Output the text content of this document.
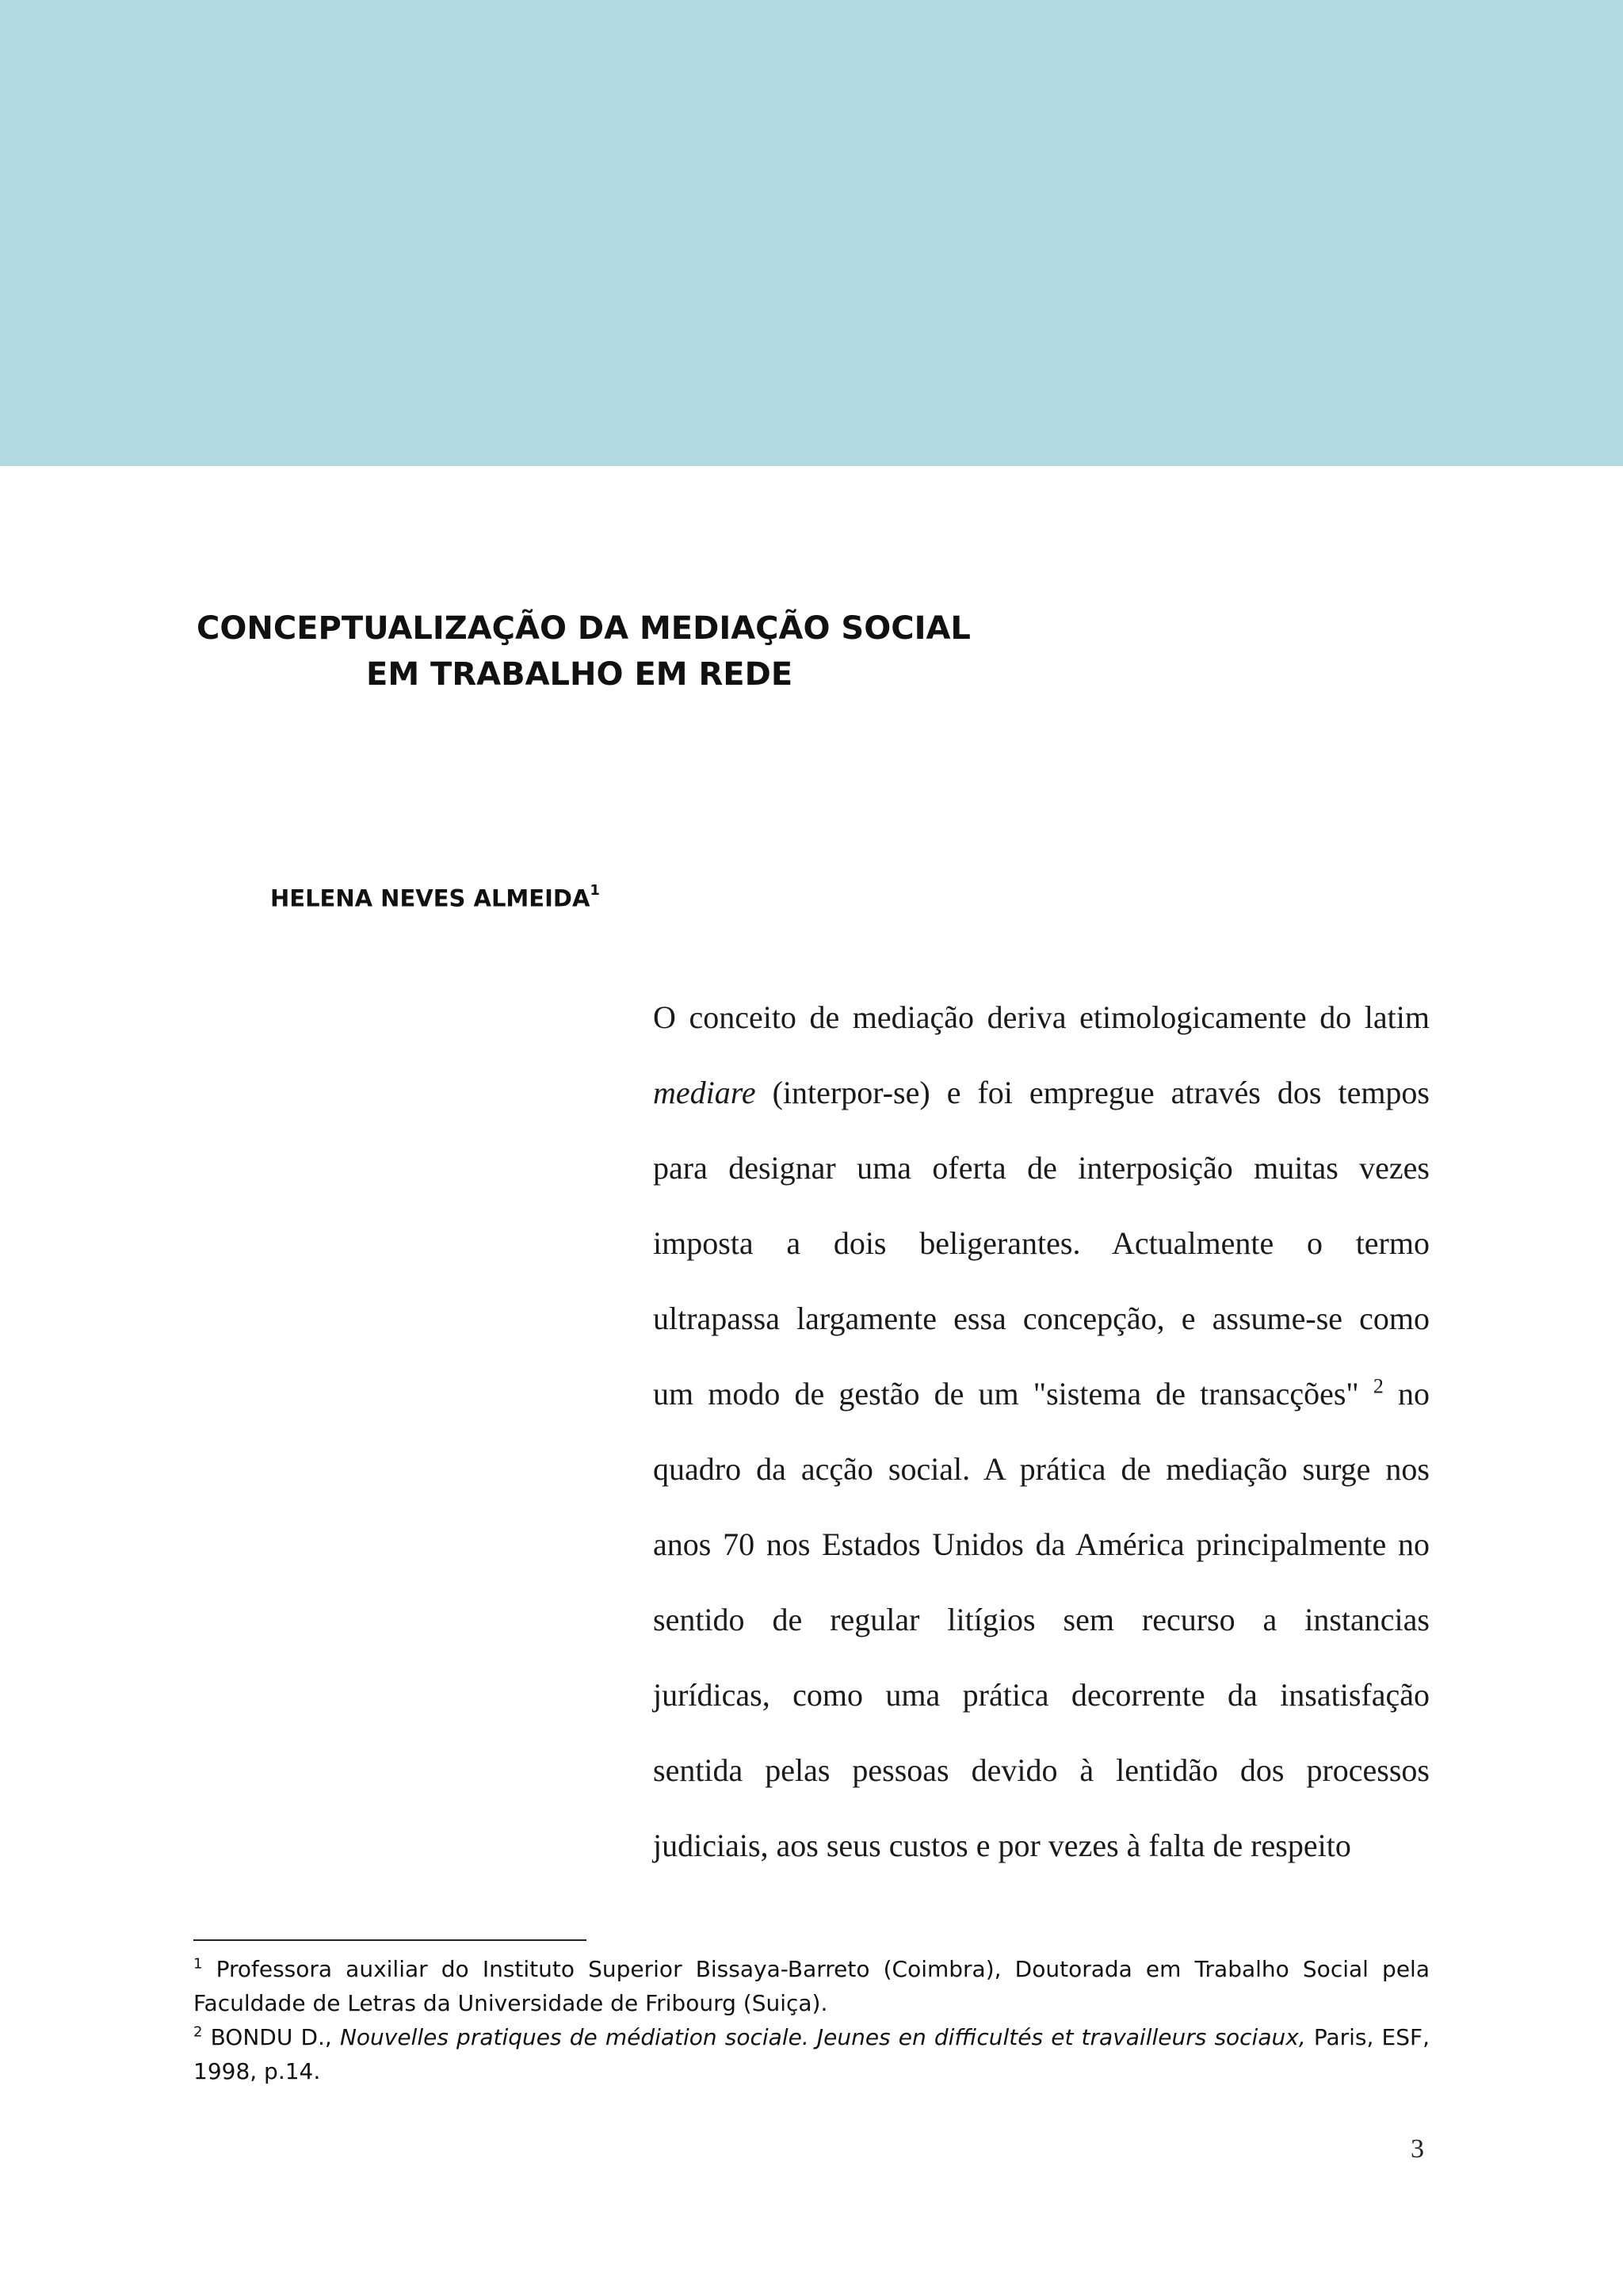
CONCEPTUALIZAÇÃO DA MEDIAÇÃO SOCIAL
EM TRABALHO EM REDE
HELENA NEVES ALMEIDA$^1$
O conceito de mediação deriva etimologicamente do latim
mediare (interpor-se) e foi empregue através dos tempos
para designar uma oferta de interposição muitas vezes
imposta a dois beligerantes. Actualmente o termo
ultrapassa largamente essa concepção, e assume-se como
um modo de gestão de um "sistema de transacções" $^2$ no
quadro da acção social. A prática de mediação surge nos
anos 70 nos Estados Unidos da América principalmente no
sentido de regular litígios sem recurso a instancias
jurídicas, como uma prática decorrente da insatisfação
sentida pelas pessoas devido à lentidão dos processos
judiciais, aos seus custos e por vezes à falta de respeito
$^1$ Professora auxiliar do Instituto Superior Bissaya-Barreto (Coimbra), Doutorada em Trabalho Social pela
Faculdade de Letras da Universidade de Fribourg (Suiça).
$^2$ BONDU D., Nouvelles pratiques de médiation sociale. Jeunes en difficultés et travailleurs sociaux, Paris, ESF,
1998, p.14.
3
